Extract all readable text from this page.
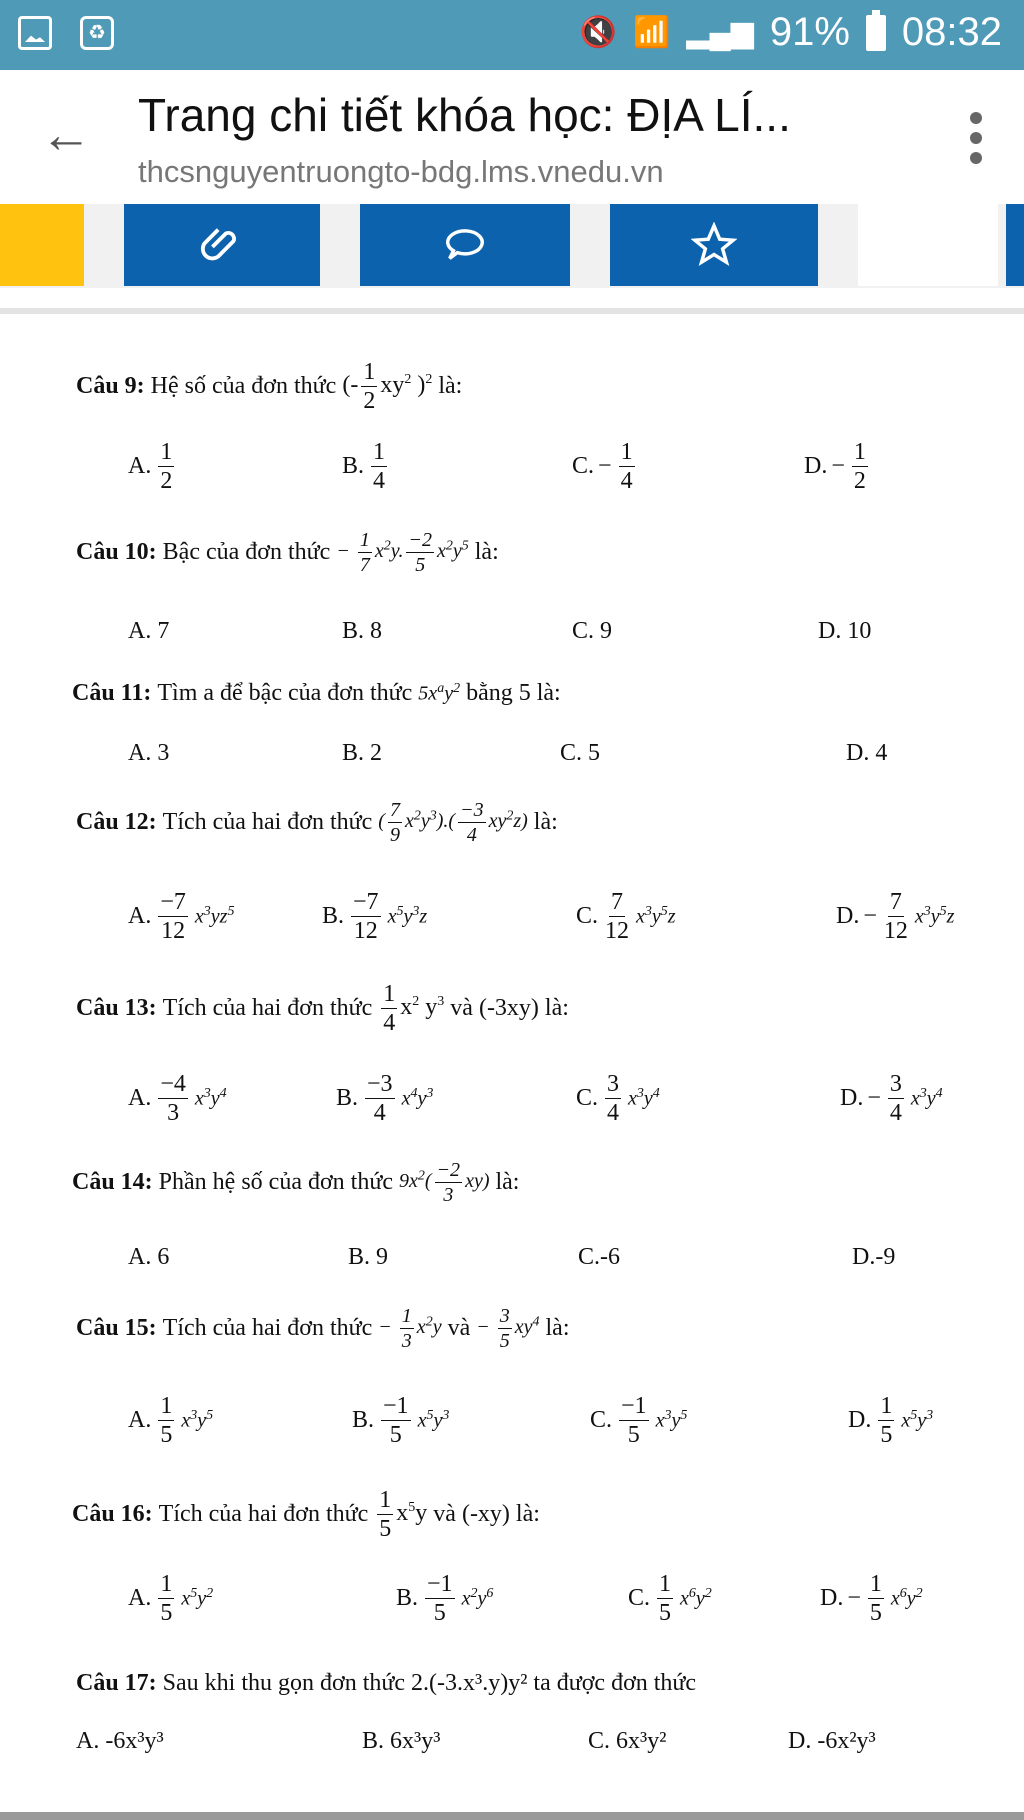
♻
🔇 📶 ▂▄▆ 91% 08:32
← Trang chi tiết khóa học: ĐỊA LÍ...
thcsnguyentruongto-bdg.lms.vnedu.vn
Câu 9: Hệ số của đơn thức (- $\frac{1}{2} xy^2$ )$^2$ là:
A. $\frac{1}{2}$	B. $\frac{1}{4}$	C. − $\frac{1}{4}$	D. − $\frac{1}{2}$
Câu 10: Bậc của đơn thức − $\frac{1}{7} x^2y$. $\frac{-2}{5} x^2y^5$ là:
A. 7	B. 8	C. 9	D. 10
Câu 11: Tìm a để bậc của đơn thức $5x^ay^2$ bằng 5 là:
A. 3	B. 2	C. 5	D. 4
Câu 12: Tích của hai đơn thức ( $\frac{7}{9} x^2y^3).( \frac{-3}{4} xy^2z)$ là:
A. $\frac{-7}{12} x^3yz^5$	B. $\frac{-7}{12} x^5y^3z$	C. $\frac{7}{12} x^3y^5z$	D. − $\frac{7}{12} x^3y^5z$
Câu 13: Tích của hai đơn thức $\frac{1}{4} x^2$ $y^3$ và (-3xy) là:
A. $\frac{-4}{3} x^3y^4$	B. $\frac{-3}{4} x^4y^3$	C. $\frac{3}{4} x^3y^4$	D. − $\frac{3}{4} x^3y^4$
Câu 14: Phần hệ số của đơn thức $9x^2( \frac{-2}{3} xy)$ là:
A. 6	B. 9	C.-6	D.-9
Câu 15: Tích của hai đơn thức − $\frac{1}{3} x^2y$ và − $\frac{3}{5} xy^4$ là:
A. $\frac{1}{5} x^3y^5$	B. $\frac{-1}{5} x^5y^3$	C. $\frac{-1}{5} x^3y^5$	D. $\frac{1}{5} x^5y^3$
Câu 16: Tích của hai đơn thức $\frac{1}{5} x^5y$ và (-xy) là:
A. $\frac{1}{5} x^5y^2$	B. $\frac{-1}{5} x^2y^6$	C. $\frac{1}{5} x^6y^2$	D. − $\frac{1}{5} x^6y^2$
Câu 17: Sau khi thu gọn đơn thức 2.(-3.x³.y)y² ta được đơn thức
A. -6x³y³	B. 6x³y³	C. 6x³y²	D. -6x²y³
